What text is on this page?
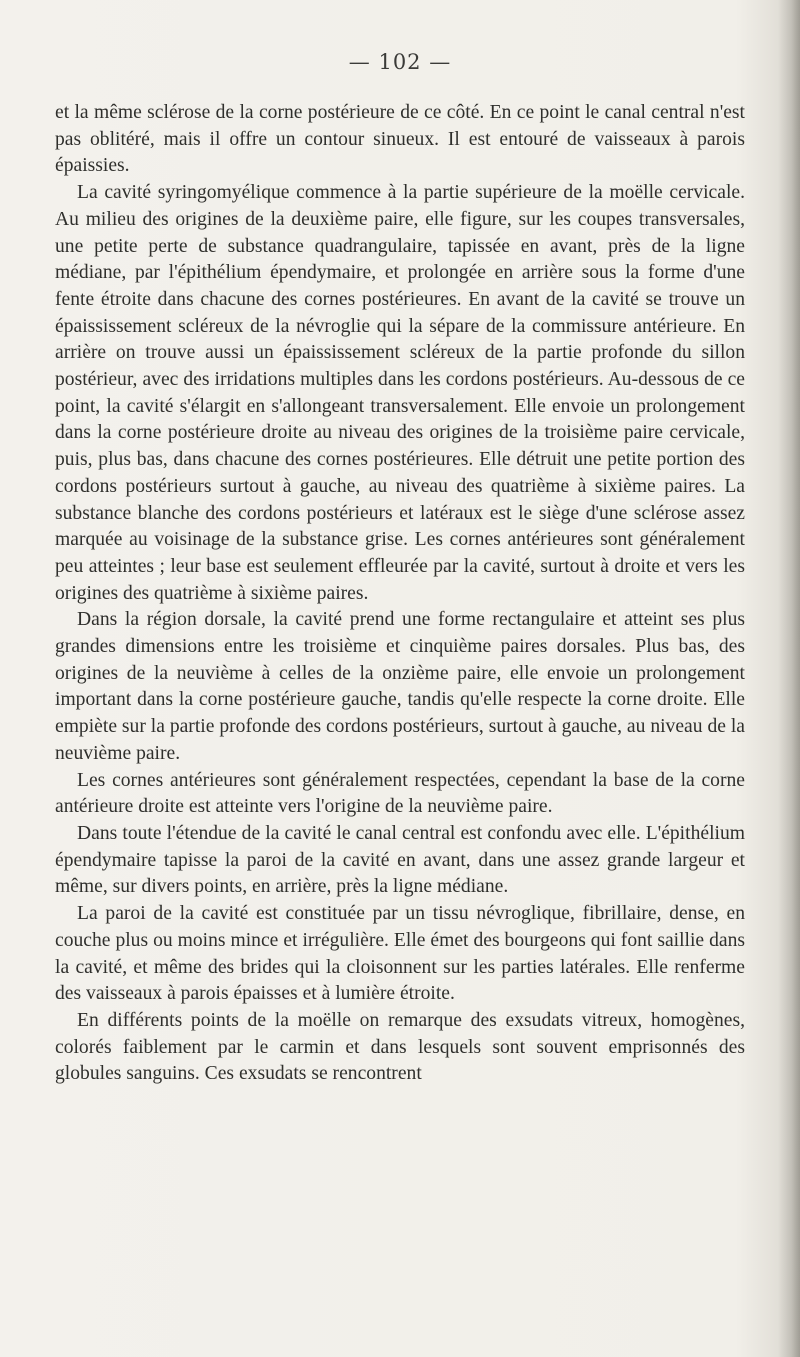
— 102 —

et la même sclérose de la corne postérieure de ce côté. En ce point le canal central n'est pas oblitéré, mais il offre un contour sinueux. Il est entouré de vaisseaux à parois épaissies.

La cavité syringomyélique commence à la partie supérieure de la moëlle cervicale. Au milieu des origines de la deuxième paire, elle figure, sur les coupes transversales, une petite perte de substance quadrangulaire, tapissée en avant, près de la ligne médiane, par l'épithélium épendymaire, et prolongée en arrière sous la forme d'une fente étroite dans chacune des cornes postérieures. En avant de la cavité se trouve un épaississement scléreux de la névroglie qui la sépare de la commissure antérieure. En arrière on trouve aussi un épaississement scléreux de la partie profonde du sillon postérieur, avec des irridations multiples dans les cordons postérieurs. Au-dessous de ce point, la cavité s'élargit en s'allongeant transversalement. Elle envoie un prolongement dans la corne postérieure droite au niveau des origines de la troisième paire cervicale, puis, plus bas, dans chacune des cornes postérieures. Elle détruit une petite portion des cordons postérieurs surtout à gauche, au niveau des quatrième à sixième paires. La substance blanche des cordons postérieurs et latéraux est le siège d'une sclérose assez marquée au voisinage de la substance grise. Les cornes antérieures sont généralement peu atteintes ; leur base est seulement effleurée par la cavité, surtout à droite et vers les origines des quatrième à sixième paires.

Dans la région dorsale, la cavité prend une forme rectangulaire et atteint ses plus grandes dimensions entre les troisième et cinquième paires dorsales. Plus bas, des origines de la neuvième à celles de la onzième paire, elle envoie un prolongement important dans la corne postérieure gauche, tandis qu'elle respecte la corne droite. Elle empiète sur la partie profonde des cordons postérieurs, surtout à gauche, au niveau de la neuvième paire.

Les cornes antérieures sont généralement respectées, cependant la base de la corne antérieure droite est atteinte vers l'origine de la neuvième paire.

Dans toute l'étendue de la cavité le canal central est confondu avec elle. L'épithélium épendymaire tapisse la paroi de la cavité en avant, dans une assez grande largeur et même, sur divers points, en arrière, près la ligne médiane.

La paroi de la cavité est constituée par un tissu névroglique, fibrillaire, dense, en couche plus ou moins mince et irrégulière. Elle émet des bourgeons qui font saillie dans la cavité, et même des brides qui la cloisonnent sur les parties latérales. Elle renferme des vaisseaux à parois épaisses et à lumière étroite.

En différents points de la moëlle on remarque des exsudats vitreux, homogènes, colorés faiblement par le carmin et dans lesquels sont souvent emprisonnés des globules sanguins. Ces exsudats se rencontrent
